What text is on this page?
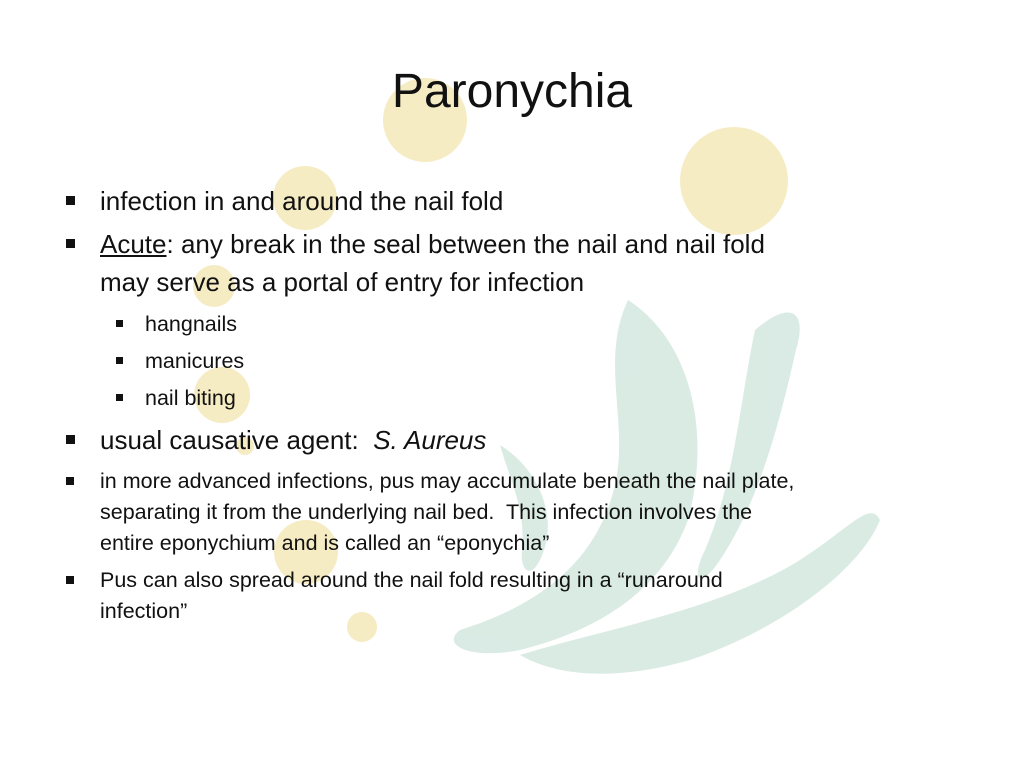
Paronychia
infection in and around the nail fold
Acute: any break in the seal between the nail and nail fold
may serve as a portal of entry for infection
hangnails
manicures
nail biting
usual causative agent:  S. Aureus
in more advanced infections, pus may accumulate beneath the nail plate,
separating it from the underlying nail bed.  This infection involves the
entire eponychium and is called an “eponychia”
Pus can also spread around the nail fold resulting in a “runaround
infection”
